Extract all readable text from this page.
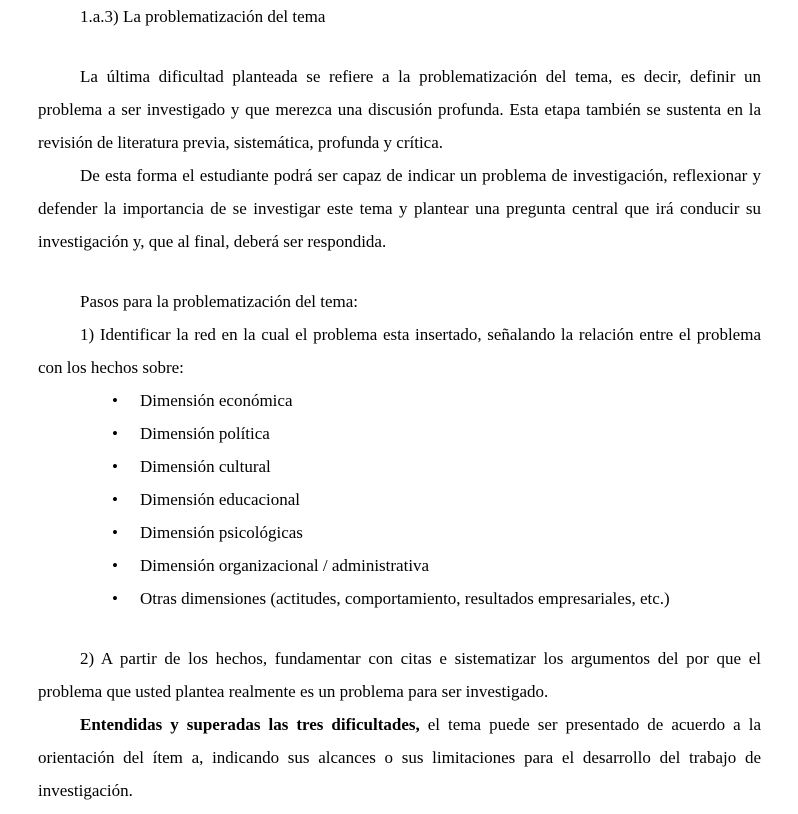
1.a.3) La problematización del tema

La última dificultad planteada se refiere a la problematización del tema, es decir, definir un problema a ser investigado y que merezca una discusión profunda. Esta etapa también se sustenta en la revisión de literatura previa, sistemática, profunda y crítica.

De esta forma el estudiante podrá ser capaz de indicar un problema de investigación, reflexionar y defender la importancia de se investigar este tema y plantear una pregunta central que irá conducir su investigación y, que al final, deberá ser respondida.

Pasos para la problematización del tema:

1) Identificar la red en la cual el problema esta insertado, señalando la relación entre el problema con los hechos sobre:

•	Dimensión económica
•	Dimensión política
•	Dimensión cultural
•	Dimensión educacional
•	Dimensión psicológicas
•	Dimensión organizacional / administrativa
•	Otras dimensiones (actitudes, comportamiento, resultados empresariales, etc.)

2) A partir de los hechos, fundamentar con citas e sistematizar los argumentos del por que el problema que usted plantea realmente es un problema para ser investigado.

Entendidas y superadas las tres dificultades, el tema puede ser presentado de acuerdo a la orientación del ítem a, indicando sus alcances o sus limitaciones para el desarrollo del trabajo de investigación.
